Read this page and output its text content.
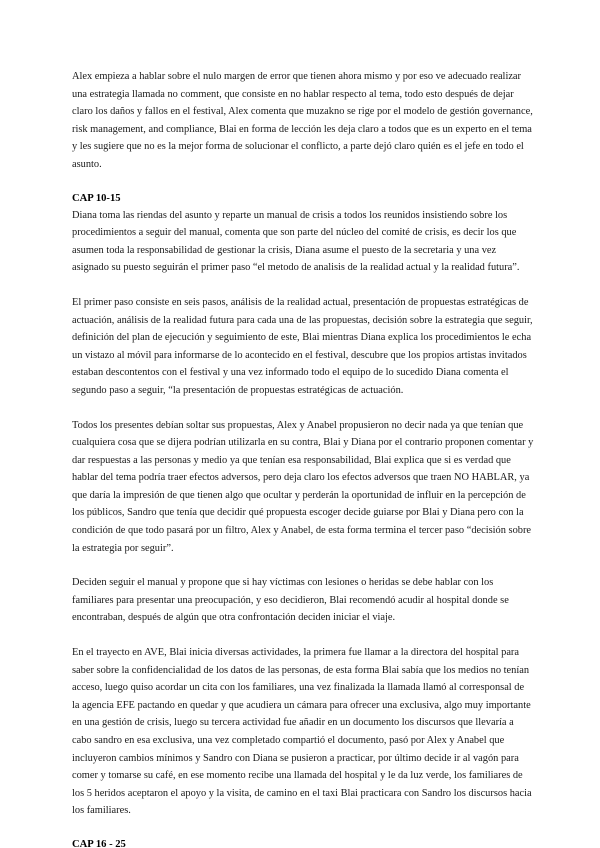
Alex empieza a hablar sobre el nulo margen de error que tienen ahora mismo y por eso ve adecuado realizar una estrategia llamada no comment, que consiste en no hablar respecto al tema, todo esto después de dejar claro los daños y fallos en el festival, Alex comenta que muzakno se rige por el modelo de gestión governance, risk management, and compliance, Blai en forma de lección les deja claro a todos que es un experto en el tema y les sugiere que no es la mejor forma de solucionar el conflicto, a parte dejó claro quién es el jefe en todo el asunto.

CAP 10-15

Diana toma las riendas del asunto y reparte un manual de crisis a todos los reunidos insistiendo sobre los procedimientos a seguir del manual, comenta que son parte del núcleo del comité de crisis, es decir los que asumen toda la responsabilidad de gestionar la crisis, Diana asume el puesto de la secretaria y una vez asignado su puesto seguirán el primer paso “el metodo de analisis de la realidad actual y la realidad futura”.

El primer paso consiste en seis pasos, análisis de la realidad actual, presentación de propuestas estratégicas de actuación, análisis de la realidad futura para cada una de las propuestas, decisión sobre la estrategia que seguir, definición del plan de ejecución y seguimiento de este, Blai mientras Diana explica los procedimientos le echa un vistazo al móvil para informarse de lo acontecido en el festival, descubre que los propios artistas invitados estaban descontentos con el festival y una vez informado todo el equipo de lo sucedido Diana comenta el segundo paso a seguir, “la presentación de propuestas estratégicas de actuación.

Todos los presentes debían soltar sus propuestas, Alex y Anabel propusieron no decir nada ya que tenían que cualquiera cosa que se dijera podrían utilizarla en su contra, Blai y Diana por el contrario proponen comentar y dar respuestas a las personas y medio ya que tenían esa responsabilidad, Blai explica que si es verdad que hablar del tema podría traer efectos adversos, pero deja claro los efectos adversos que traen NO HABLAR, ya que daría la impresión de que tienen algo que ocultar y perderán la oportunidad de influir en la percepción de los públicos, Sandro que tenía que decidir qué propuesta escoger decide guiarse por Blai y Diana pero con la condición de que todo pasará por un filtro, Alex y Anabel, de esta forma termina el tercer paso “decisión sobre la estrategia por seguir”.

Deciden seguir el manual y propone que si hay víctimas con lesiones o heridas se debe hablar con los familiares para presentar una preocupación, y eso decidieron, Blai recomendó acudir al hospital donde se encontraban, después de algún que otra confrontación deciden iniciar el viaje.

En el trayecto en AVE, Blai inicia diversas actividades, la primera fue llamar a la directora del hospital para saber sobre la confidencialidad de los datos de las personas, de esta forma Blai sabía que los medios no tenían acceso, luego quiso acordar un cita con los familiares, una vez finalizada la llamada llamó al corresponsal de la agencia EFE pactando en quedar y que acudiera un cámara para ofrecer una exclusiva, algo muy importante en una gestión de crisis, luego su tercera actividad fue añadir en un documento los discursos que llevaría a cabo sandro en esa exclusiva, una vez completado compartió el documento, pasó por Alex y Anabel que incluyeron cambios mínimos y Sandro con Diana se pusieron a practicar, por último decide ir al vagón para comer y tomarse su café, en ese momento recibe una llamada del hospital y le da luz verde, los familiares de los 5 heridos aceptaron el apoyo y la visita, de camino en el taxi Blai practicara con Sandro los discursos hacia los familiares.

CAP 16 - 25
